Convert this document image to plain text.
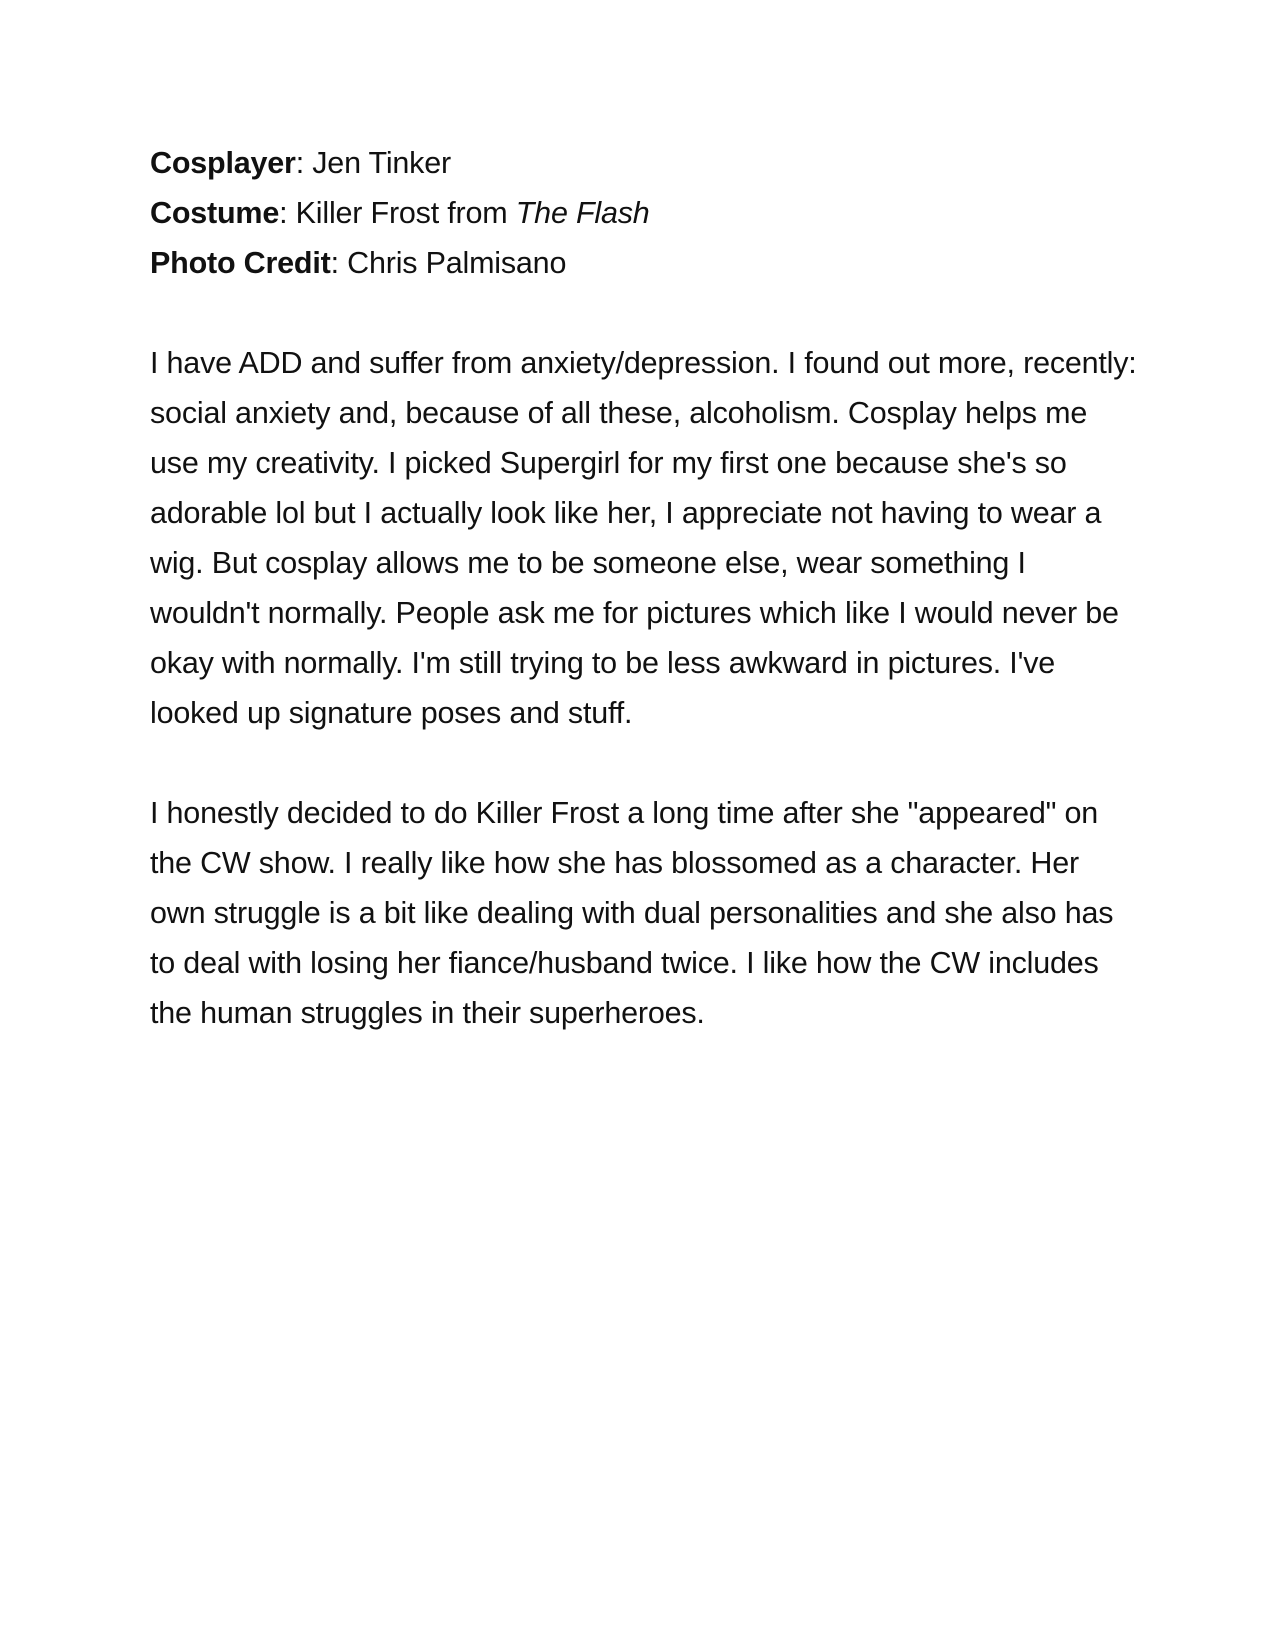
Cosplayer: Jen Tinker

Costume: Killer Frost from The Flash

Photo Credit: Chris Palmisano

I have ADD and suffer from anxiety/depression. I found out more, recently: social anxiety and, because of all these, alcoholism. Cosplay helps me use my creativity. I picked Supergirl for my first one because she's so adorable lol but I actually look like her, I appreciate not having to wear a wig. But cosplay allows me to be someone else, wear something I wouldn't normally. People ask me for pictures which like I would never be okay with normally. I'm still trying to be less awkward in pictures. I've looked up signature poses and stuff.

I honestly decided to do Killer Frost a long time after she "appeared" on the CW show. I really like how she has blossomed as a character. Her own struggle is a bit like dealing with dual personalities and she also has to deal with losing her fiance/husband twice. I like how the CW includes the human struggles in their superheroes.
